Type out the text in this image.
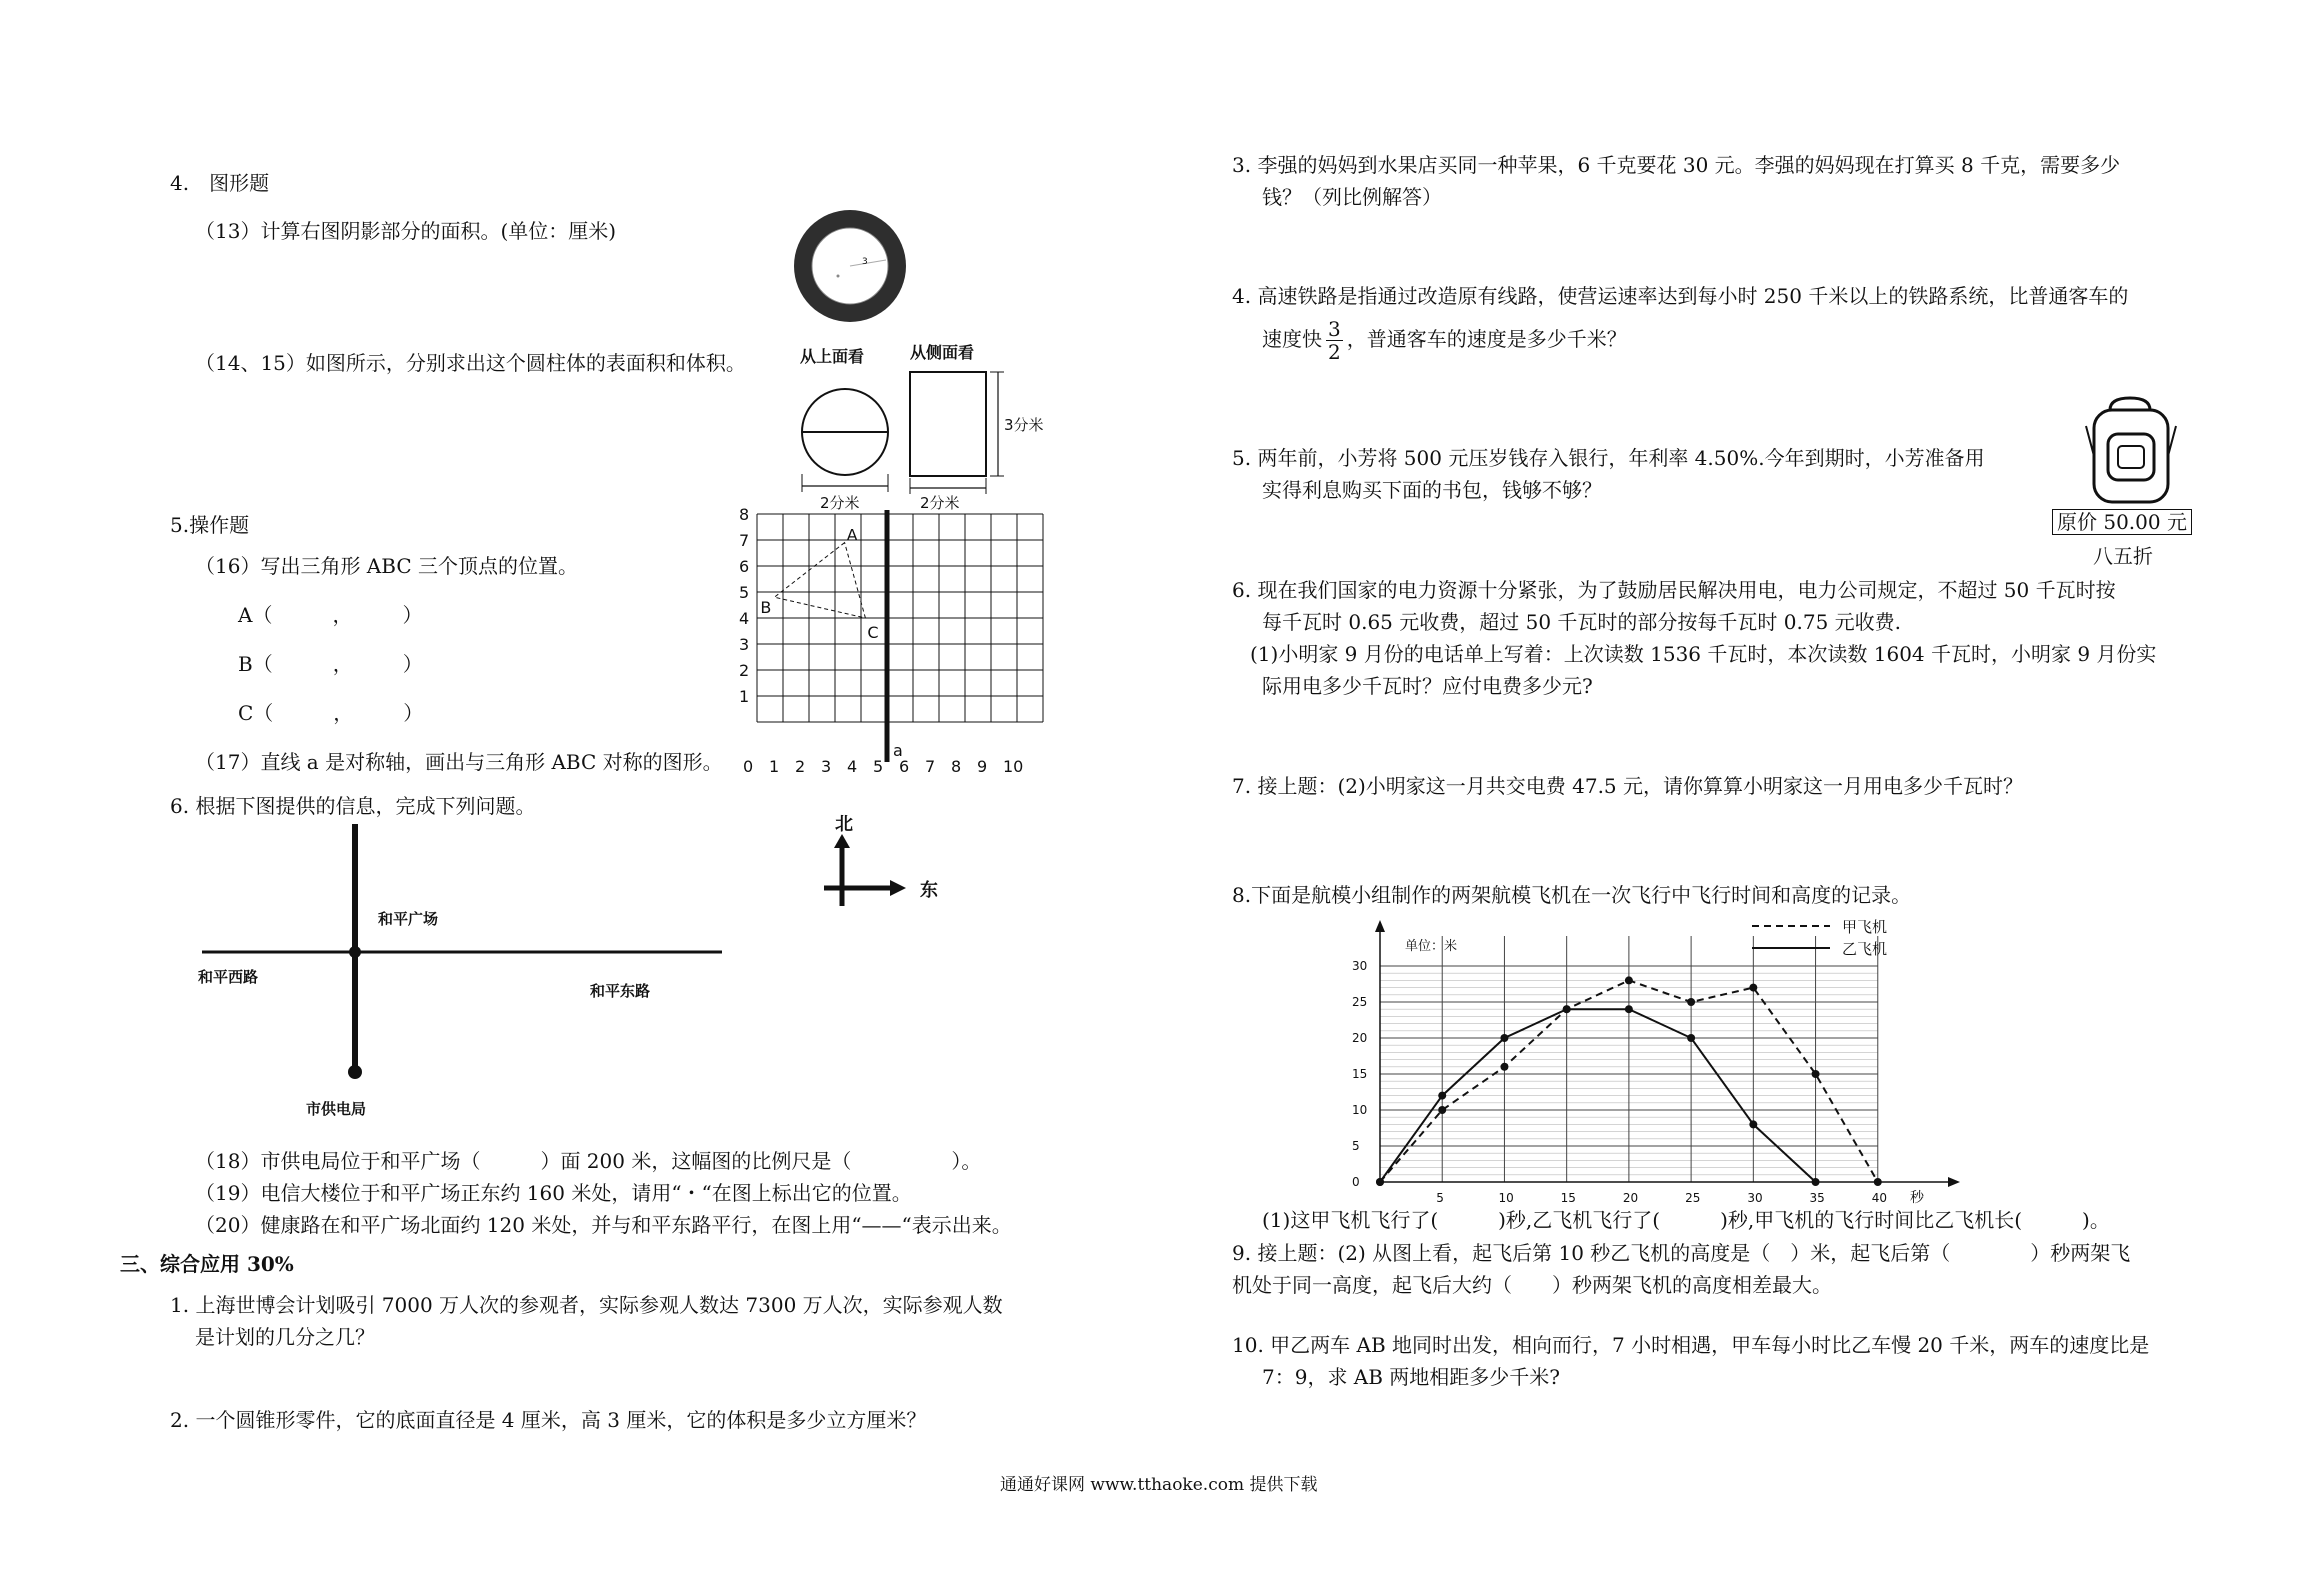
4.　图形题
（13）计算右图阴影部分的面积。(单位：厘米)
3
（14、15）如图所示，分别求出这个圆柱体的表面积和体积。	从上面看	从侧面看
2分米	2分米
3分米
5.操作题
（16）写出三角形 ABC 三个顶点的位置。
A（　　　，　　　）
B（　　　，　　　）
C（　　　，　　　）
（17）直线 a 是对称轴，画出与三角形 ABC 对称的图形。
8
7
6
5
4
3
2
1
0 1 2 3 4 5 6 7 8 9 10
A
B
C
a
6. 根据下图提供的信息，完成下列问题。
北
东
和平广场
和平西路
和平东路
市供电局
（18）市供电局位于和平广场（　　　）面 200 米，这幅图的比例尺是（　　　　　）。
（19）电信大楼位于和平广场正东约 160 米处，请用“・“在图上标出它的位置。
（20）健康路在和平广场北面约 120 米处，并与和平东路平行，在图上用“——“表示出来。
三、综合应用 30%
1. 上海世博会计划吸引 7000 万人次的参观者，实际参观人数达 7300 万人次，实际参观人数
是计划的几分之几？
2. 一个圆锥形零件，它的底面直径是 4 厘米，高 3 厘米，它的体积是多少立方厘米？
3. 李强的妈妈到水果店买同一种苹果，6 千克要花 30 元。李强的妈妈现在打算买 8 千克，需要多少
钱？（列比例解答）
4. 高速铁路是指通过改造原有线路，使营运速率达到每小时 250 千米以上的铁路系统，比普通客车的
速度快 $\frac{3}{2}$ ，普通客车的速度是多少千米？
5. 两年前，小芳将 500 元压岁钱存入银行，年利率 4.50%.今年到期时，小芳准备用
实得利息购买下面的书包，钱够不够？
原价 50.00 元
八五折
6. 现在我们国家的电力资源十分紧张，为了鼓励居民解决用电，电力公司规定，不超过 50 千瓦时按
每千瓦时 0.65 元收费，超过 50 千瓦时的部分按每千瓦时 0.75 元收费.
(1)小明家 9 月份的电话单上写着：上次读数 1536 千瓦时，本次读数 1604 千瓦时，小明家 9 月份实
际用电多少千瓦时？应付电费多少元?
7. 接上题：(2)小明家这一月共交电费 47.5 元，请你算算小明家这一月用电多少千瓦时？
8.下面是航模小组制作的两架航模飞机在一次飞行中飞行时间和高度的记录。
0
5
10
15
20
25
30
5	10	15	20	25	30	35	40
单位：米
秒
甲飞机
乙飞机
(1)这甲飞机飞行了(　　　)秒,乙飞机飞行了(　　　)秒,甲飞机的飞行时间比乙飞机长(　　　)。
9. 接上题：(2) 从图上看，起飞后第 10 秒乙飞机的高度是（　）米，起飞后第（　　　　）秒两架飞
机处于同一高度，起飞后大约（　　）秒两架飞机的高度相差最大。
10. 甲乙两车 AB 地同时出发，相向而行，7 小时相遇，甲车每小时比乙车慢 20 千米，两车的速度比是
7：9，求 AB 两地相距多少千米?
通通好课网 www.tthaoke.com 提供下载
